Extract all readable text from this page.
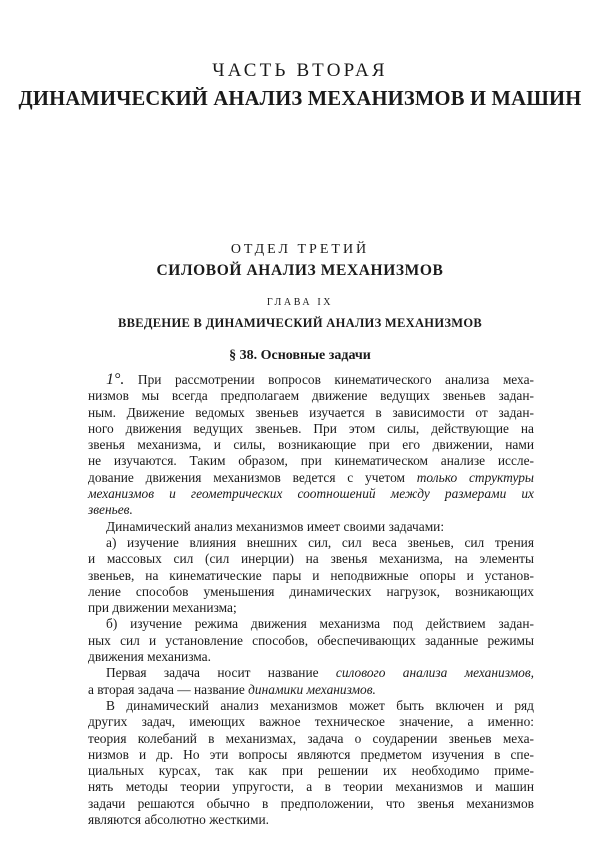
ЧАСТЬ ВТОРАЯ
ДИНАМИЧЕСКИЙ АНАЛИЗ МЕХАНИЗМОВ И МАШИН
ОТДЕЛ ТРЕТИЙ
СИЛОВОЙ АНАЛИЗ МЕХАНИЗМОВ
ГЛАВА IX
ВВЕДЕНИЕ В ДИНАМИЧЕСКИЙ АНАЛИЗ МЕХАНИЗМОВ
§ 38. Основные задачи
1°. При рассмотрении вопросов кинематического анализа меха-
низмов мы всегда предполагаем движение ведущих звеньев задан-
ным. Движение ведомых звеньев изучается в зависимости от задан-
ного движения ведущих звеньев. При этом силы, действующие на
звенья механизма, и силы, возникающие при его движении, нами
не изучаются. Таким образом, при кинематическом анализе иссле-
дование движения механизмов ведется с учетом только структуры
механизмов и геометрических соотношений между размерами их
звеньев.
Динамический анализ механизмов имеет своими задачами:
а) изучение влияния внешних сил, сил веса звеньев, сил трения
и массовых сил (сил инерции) на звенья механизма, на элементы
звеньев, на кинематические пары и неподвижные опоры и установ-
ление способов уменьшения динамических нагрузок, возникающих
при движении механизма;
б) изучение режима движения механизма под действием задан-
ных сил и установление способов, обеспечивающих заданные режимы
движения механизма.
Первая задача носит название силового анализа механизмов,
а вторая задача — название динамики механизмов.
В динамический анализ механизмов может быть включен и ряд
других задач, имеющих важное техническое значение, а именно:
теория колебаний в механизмах, задача о соударении звеньев меха-
низмов и др. Но эти вопросы являются предметом изучения в спе-
циальных курсах, так как при решении их необходимо приме-
нять методы теории упругости, а в теории механизмов и машин
задачи решаются обычно в предположении, что звенья механизмов
являются абсолютно жесткими.
